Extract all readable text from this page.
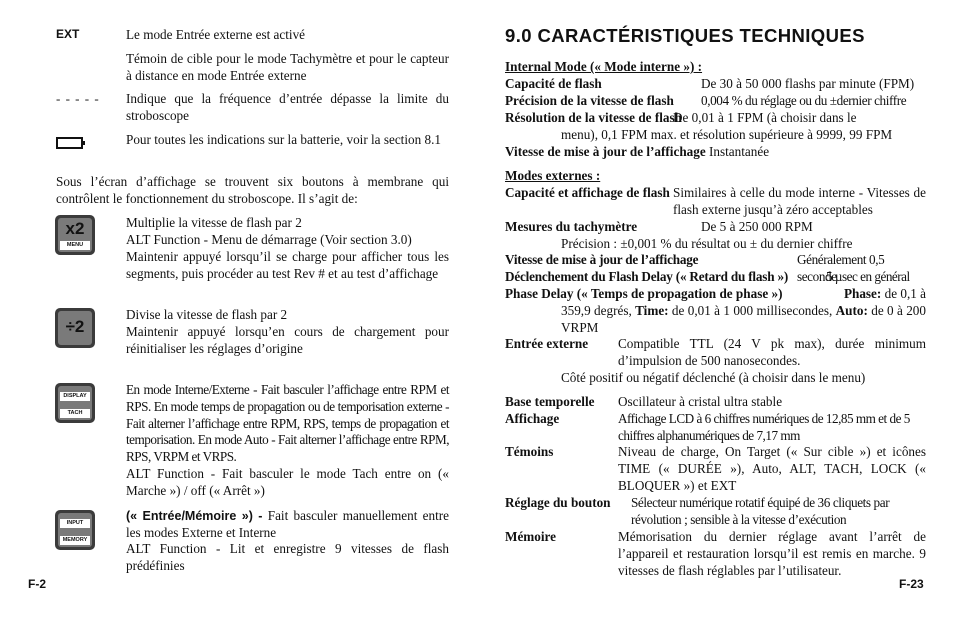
EXT	Le mode Entrée externe est activé
Témoin de cible pour le mode Tachymètre et pour le capteur à distance en mode Entrée externe
- - - - - Indique que la fréquence d’entrée dépasse la limite du stroboscope
Pour toutes les indications sur la batterie, voir la section 8.1
Sous l’écran d’affichage se trouvent six boutons à membrane qui contrôlent le fonctionnement du stroboscope. Il s’agit de:
x2
MENU
Multiplie la vitesse de flash par 2
ALT Function - Menu de démarrage (Voir section 3.0)
Maintenir appuyé lorsqu’il se charge pour afficher tous les segments, puis procéder au test Rev # et au test d’affichage
÷2
Divise la vitesse de flash par 2
Maintenir appuyé lorsqu’en cours de chargement pour réinitialiser les réglages d’origine
DISPLAY
TACH
En mode Interne/Externe - Fait basculer l’affichage entre RPM et RPS. En mode temps de propagation ou de temporisation externe - Fait alterner l’affichage entre RPM, RPS, temps de propagation et temporisation. En mode Auto - Fait alterner l’affichage entre RPM, RPS, VRPM et VRPS.
ALT Function - Fait basculer le mode Tach entre on (« Marche ») / off (« Arrêt »)
INPUT
MEMORY
(« Entrée/Mémoire ») - Fait basculer manuellement entre les modes Externe et Interne
ALT Function - Lit et enregistre 9 vitesses de flash prédéfinies
F-2
9.0 CARACTÉRISTIQUES TECHNIQUES
Internal Mode (« Mode interne ») :
Capacité de flash	De 30 à 50 000 flashs par minute (FPM)
Précision de la vitesse de flash 0,004 % du réglage ou du ±dernier chiffre
Résolution de la vitesse de flash
De 0,01 à 1 FPM (à choisir dans le
menu), 0,1 FPM max. et résolution supérieure à 9999, 99 FPM
Vitesse de mise à jour de l’affichage Instantanée
Modes externes :
Capacité et affichage de flash Similaires à celle du mode interne - Vitesses de flash externe jusqu’à zéro acceptables
Mesures du tachymètre	De 5 à 250 000 RPM
Précision : ±0,001 % du résultat ou ± du dernier chiffre
Vitesse de mise à jour de l’affichage	Généralement 0,5 seconde
Déclenchement du Flash Delay (« Retard du flash »)	5 µsec en général
Phase Delay (« Temps de propagation de phase »)	Phase: de 0,1 à
359,9 degrés, Time: de 0,01 à 1 000 millisecondes, Auto: de 0 à 200 VRPM
Entrée externe	Compatible TTL (24 V pk max), durée minimum d’impulsion de 500 nanosecondes.
Côté positif ou négatif déclenché (à choisir dans le menu)
Base temporelle Oscillateur à cristal ultra stable
Affichage	Affichage LCD à 6 chiffres numériques de 12,85 mm et de 5 chiffres alphanumériques de 7,17 mm
Témoins	Niveau de charge, On Target (« Sur cible ») et icônes TIME (« DURÉE »), Auto, ALT, TACH, LOCK (« BLOQUER ») et EXT
Réglage du bouton	Sélecteur numérique rotatif équipé de 36 cliquets par révolution ; sensible à la vitesse d’exécution
Mémoire	Mémorisation du dernier réglage avant l’arrêt de l’appareil et restauration lorsqu’il est remis en marche. 9 vitesses de flash réglables par l’utilisateur.
F-23
